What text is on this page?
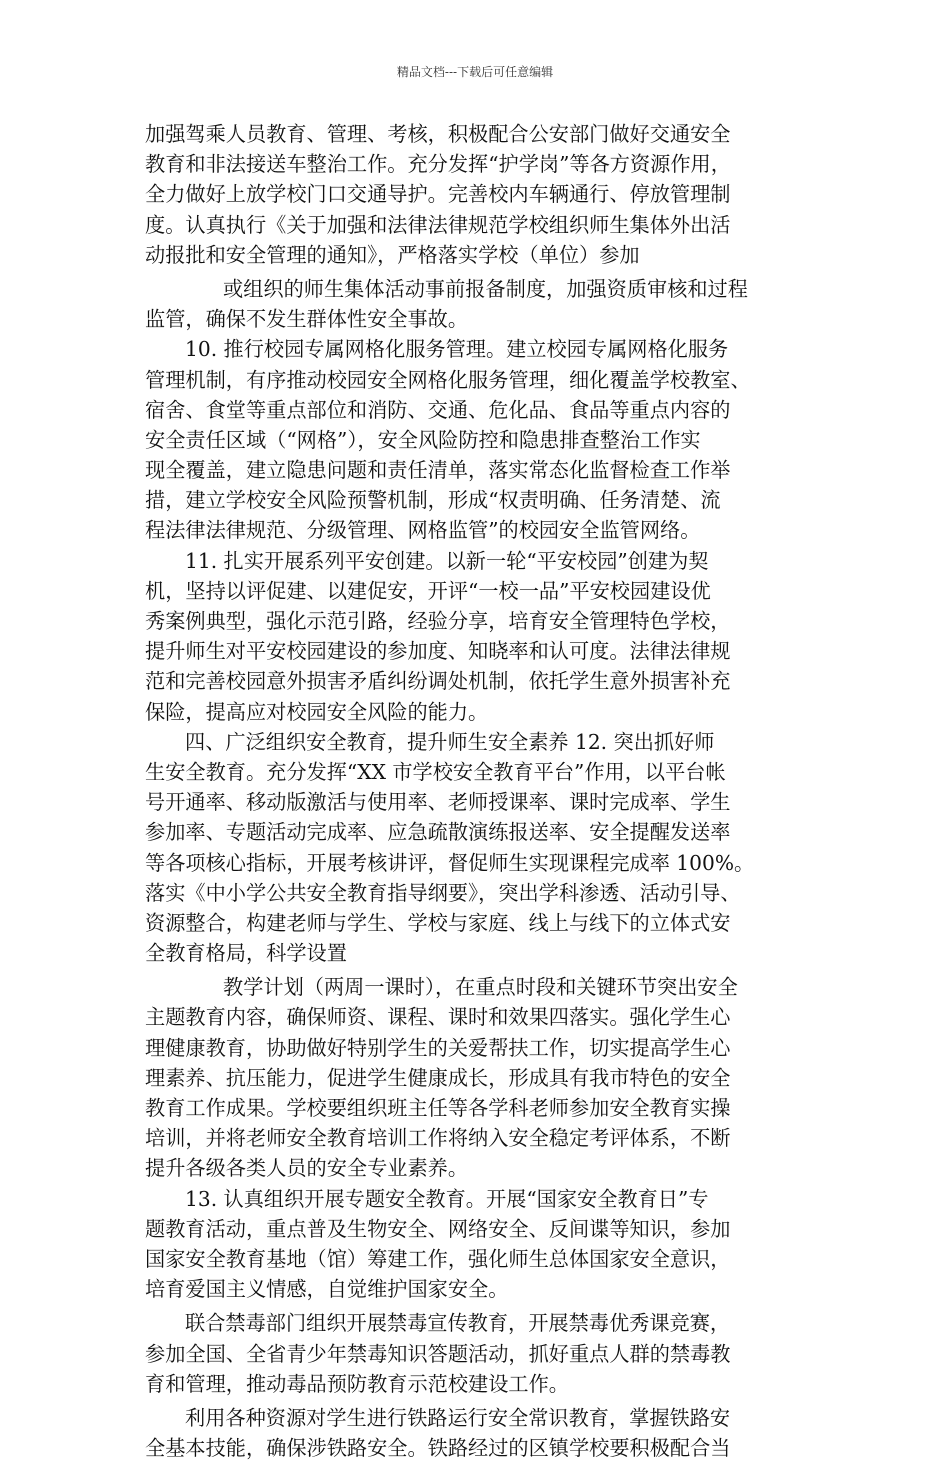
精品文档---下载后可任意编辑
加强驾乘人员教育、管理、考核，积极配合公安部门做好交通安全
教育和非法接送车整治工作。充分发挥“护学岗”等各方资源作用，
全力做好上放学校门口交通导护。完善校内车辆通行、停放管理制
度。认真执行《关于加强和法律法律规范学校组织师生集体外出活
动报批和安全管理的通知》，严格落实学校（单位）参加
或组织的师生集体活动事前报备制度，加强资质审核和过程
监管，确保不发生群体性安全事故。
10. 推行校园专属网格化服务管理。建立校园专属网格化服务
管理机制，有序推动校园安全网格化服务管理，细化覆盖学校教室、
宿舍、食堂等重点部位和消防、交通、危化品、食品等重点内容的
安全责任区域（“网格”），安全风险防控和隐患排查整治工作实
现全覆盖，建立隐患问题和责任清单，落实常态化监督检查工作举
措，建立学校安全风险预警机制，形成“权责明确、任务清楚、流
程法律法律规范、分级管理、网格监管”的校园安全监管网络。
11. 扎实开展系列平安创建。以新一轮“平安校园”创建为契
机，坚持以评促建、以建促安，开评“一校一品”平安校园建设优
秀案例典型，强化示范引路，经验分享，培育安全管理特色学校，
提升师生对平安校园建设的参加度、知晓率和认可度。法律法律规
范和完善校园意外损害矛盾纠纷调处机制，依托学生意外损害补充
保险，提高应对校园安全风险的能力。
四、广泛组织安全教育，提升师生安全素养 12. 突出抓好师
生安全教育。充分发挥“XX 市学校安全教育平台”作用，以平台帐
号开通率、移动版激活与使用率、老师授课率、课时完成率、学生
参加率、专题活动完成率、应急疏散演练报送率、安全提醒发送率
等各项核心指标，开展考核讲评，督促师生实现课程完成率 100%。
落实《中小学公共安全教育指导纲要》，突出学科渗透、活动引导、
资源整合，构建老师与学生、学校与家庭、线上与线下的立体式安
全教育格局，科学设置
教学计划（两周一课时），在重点时段和关键环节突出安全
主题教育内容，确保师资、课程、课时和效果四落实。强化学生心
理健康教育，协助做好特别学生的关爱帮扶工作，切实提高学生心
理素养、抗压能力，促进学生健康成长，形成具有我市特色的安全
教育工作成果。学校要组织班主任等各学科老师参加安全教育实操
培训，并将老师安全教育培训工作将纳入安全稳定考评体系，不断
提升各级各类人员的安全专业素养。
13. 认真组织开展专题安全教育。开展“国家安全教育日”专
题教育活动，重点普及生物安全、网络安全、反间谍等知识，参加
国家安全教育基地（馆）筹建工作，强化师生总体国家安全意识，
培育爱国主义情感，自觉维护国家安全。
联合禁毒部门组织开展禁毒宣传教育，开展禁毒优秀课竞赛，
参加全国、全省青少年禁毒知识答题活动，抓好重点人群的禁毒教
育和管理，推动毒品预防教育示范校建设工作。
利用各种资源对学生进行铁路运行安全常识教育，掌握铁路安
全基本技能，确保涉铁路安全。铁路经过的区镇学校要积极配合当
